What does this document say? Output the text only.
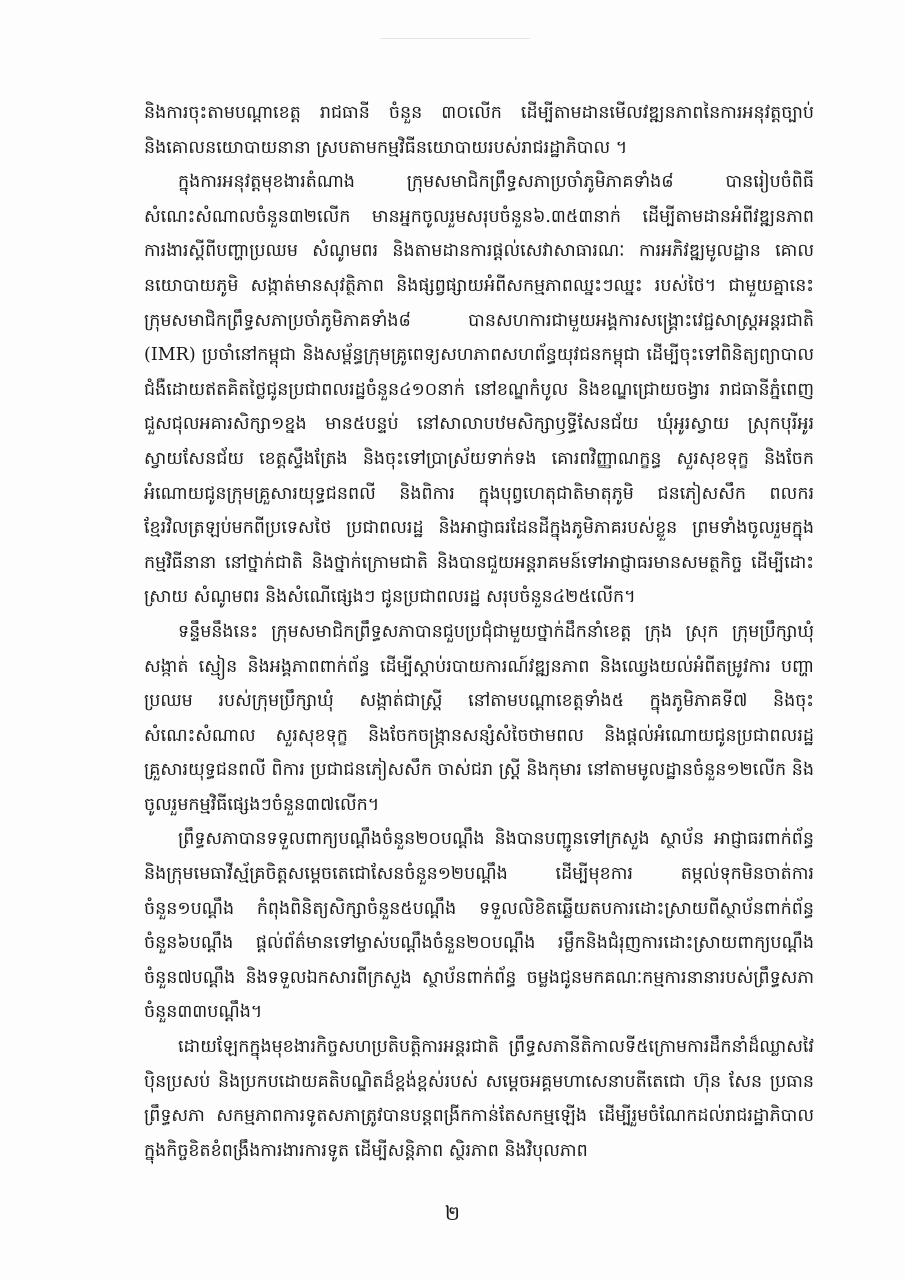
និងការចុះតាមបណ្ដាខេត្ត រាជធានី ចំនួន ៣០លើក ដើម្បីតាមដានមើលវឌ្ឍនភាពនៃការអនុវត្តច្បាប់ និងគោលនយោបាយនានា ស្របតាមកម្មវិធីនយោបាយរបស់រាជរដ្ឋាភិបាល ។

ក្នុងការអនុវត្តមុខងារតំណាង ក្រុមសមាជិកព្រឹទ្ធសភាប្រចាំភូមិភាគទាំង៨ បានរៀបចំពិធីសំណេះសំណាលចំនួន៣២លើក មានអ្នកចូលរួមសរុបចំនួន៦.៣៥៣នាក់ ដើម្បីតាមដានអំពីវឌ្ឍនភាពការងារស្ដីពីបញ្ហាប្រឈម សំណូមពរ និងតាមដានការផ្ដល់សេវាសាធារណៈ ការអភិវឌ្ឍមូលដ្ឋាន គោលនយោបាយភូមិ សង្កាត់មានសុវត្ថិភាព និងផ្សព្វផ្សាយអំពីសកម្មភាពឈ្នះៗឈ្នះ របស់ថៃ។ ជាមួយគ្នានេះ ក្រុមសមាជិកព្រឹទ្ធសភាប្រចាំភូមិភាគទាំង៨ បានសហការជាមួយអង្គការសង្គ្រោះវេជ្ជសាស្ត្រអន្តរជាតិ (IMR) ប្រចាំនៅកម្ពុជា និងសម្ព័ន្ធក្រុមគ្រូពេទ្យសហភាពសហព័ន្ធយុវជនកម្ពុជា ដើម្បីចុះទៅពិនិត្យព្យាបាលជំងឺដោយឥតគិតថ្លៃជូនប្រជាពលរដ្ឋចំនួន៤១០នាក់ នៅខណ្ឌកំបូល និងខណ្ឌជ្រោយចង្វារ រាជធានីភ្នំពេញ ជួសជុលអគារសិក្សា១ខ្នង មាន៥បន្ទប់ នៅសាលាបឋមសិក្សាឫទ្ធីសែនជ័យ ឃុំអូរស្វាយ ស្រុកបុរីអូរស្វាយសែនជ័យ ខេត្តស្ទឹងត្រែង និងចុះទៅប្រាស្រ័យទាក់ទង គោរពវិញ្ញាណក្ខន្ធ សួរសុខទុក្ខ និងចែកអំណោយជូនក្រុមគ្រួសារយុទ្ធជនពលី និងពិការ ក្នុងបុព្វហេតុជាតិមាតុភូមិ ជនភៀសសឹក ពលករខ្មែរវិលត្រឡប់មកពីប្រទេសថៃ ប្រជាពលរដ្ឋ និងអាជ្ញាធរដែនដីក្នុងភូមិភាគរបស់ខ្លួន ព្រមទាំងចូលរួមក្នុងកម្មវិធីនានា នៅថ្នាក់ជាតិ និងថ្នាក់ក្រោមជាតិ និងបានជួយអន្តរាគមន៍ទៅអាជ្ញាធរមានសមត្ថកិច្ច ដើម្បីដោះស្រាយ សំណូមពរ និងសំណើផ្សេងៗ ជូនប្រជាពលរដ្ឋ សរុបចំនួន៤២៥លើក។

ទន្ទឹមនឹងនេះ ក្រុមសមាជិកព្រឹទ្ធសភាបានជួបប្រជុំជាមួយថ្នាក់ដឹកនាំខេត្ត ក្រុង ស្រុក ក្រុមប្រឹក្សាឃុំ សង្កាត់ ស្មៀន និងអង្គភាពពាក់ព័ន្ធ ដើម្បីស្ដាប់របាយការណ៍វឌ្ឍនភាព និងឈ្វេងយល់អំពីតម្រូវការ បញ្ហាប្រឈម របស់ក្រុមប្រឹក្សាឃុំ សង្កាត់ជាស្ត្រី នៅតាមបណ្ដាខេត្តទាំង៥ ក្នុងភូមិភាគទី៧ និងចុះសំណេះសំណាល សួរសុខទុក្ខ និងចែកចង្ក្រានសន្សំសំចៃថាមពល និងផ្ដល់អំណោយជូនប្រជាពលរដ្ឋ គ្រួសារយុទ្ធជនពលី ពិការ ប្រជាជនភៀសសឹក ចាស់ជរា ស្ត្រី និងកុមារ នៅតាមមូលដ្ឋានចំនួន១២លើក និងចូលរួមកម្មវិធីផ្សេងៗចំនួន៣៧លើក។

ព្រឹទ្ធសភាបានទទួលពាក្យបណ្ដឹងចំនួន២០បណ្ដឹង និងបានបញ្ជូនទៅក្រសួង ស្ថាប័ន អាជ្ញាធរពាក់ព័ន្ធ និងក្រុមមេធាវីស្ម័គ្រចិត្តសម្ដេចតេជោសែនចំនួន១២បណ្ដឹង ដើម្បីមុខការ តម្កល់ទុកមិនចាត់ការចំនួន១បណ្ដឹង កំពុងពិនិត្យសិក្សាចំនួន៥បណ្ដឹង ទទួលលិខិតឆ្លើយតបការដោះស្រាយពីស្ថាប័នពាក់ព័ន្ធចំនួន៦បណ្ដឹង ផ្ដល់ព័ត៌មានទៅម្ចាស់បណ្ដឹងចំនួន២០បណ្ដឹង រម្លឹកនិងជំរុញការដោះស្រាយពាក្យបណ្ដឹងចំនួន៧បណ្ដឹង និងទទួលឯកសារពីក្រសួង ស្ថាប័នពាក់ព័ន្ធ ចម្លងជូនមកគណៈកម្មការនានារបស់ព្រឹទ្ធសភាចំនួន៣៣បណ្ដឹង។

ដោយឡែកក្នុងមុខងារកិច្ចសហប្រតិបត្តិការអន្តរជាតិ ព្រឹទ្ធសភានីតិកាលទី៥ក្រោមការដឹកនាំដ៏ឈ្លាសវៃ ប៉ិនប្រសប់ និងប្រកបដោយគតិបណ្ឌិតដ៏ខ្ពង់ខ្ពស់របស់ សម្ដេចអគ្គមហាសេនាបតីតេជោ ហ៊ុន សែន ប្រធានព្រឹទ្ធសភា សកម្មភាពការទូតសភាត្រូវបានបន្តពង្រីកកាន់តែសកម្មឡើង ដើម្បីរួមចំណែកដល់រាជរដ្ឋាភិបាល ក្នុងកិច្ចខិតខំពង្រឹងការងារការទូត ដើម្បីសន្តិភាព ស្ថិរភាព និងវិបុលភាព

២
